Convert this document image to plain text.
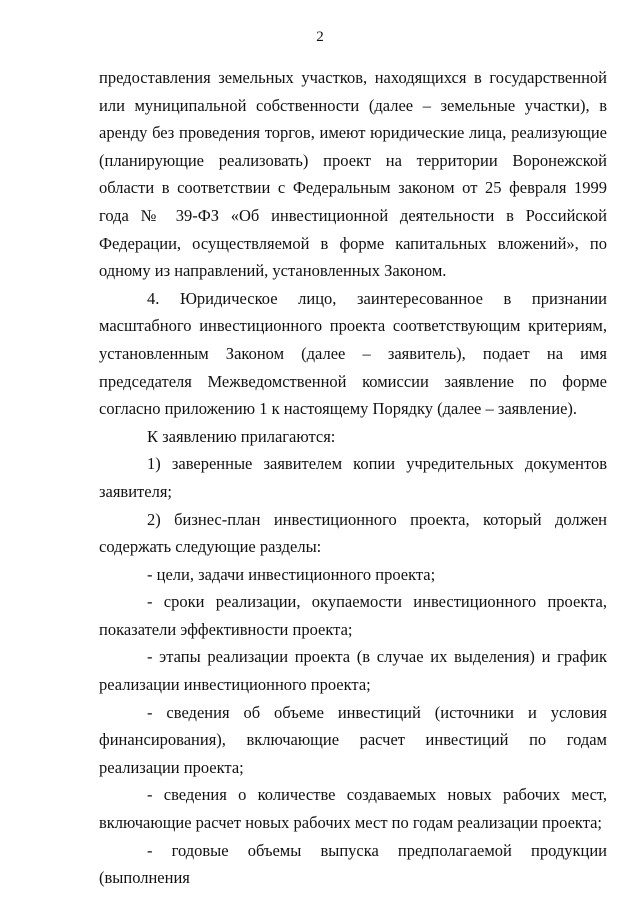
2

предоставления земельных участков, находящихся в государственной или муниципальной собственности (далее – земельные участки), в аренду без проведения торгов, имеют юридические лица, реализующие (планирующие реализовать) проект на территории Воронежской области в соответствии с Федеральным законом от 25 февраля 1999 года № 39-ФЗ «Об инвестиционной деятельности в Российской Федерации, осуществляемой в форме капитальных вложений», по одному из направлений, установленных Законом.

4. Юридическое лицо, заинтересованное в признании масштабного инвестиционного проекта соответствующим критериям, установленным Законом (далее – заявитель), подает на имя председателя Межведомственной комиссии заявление по форме согласно приложению 1 к настоящему Порядку (далее – заявление).

К заявлению прилагаются:

1) заверенные заявителем копии учредительных документов заявителя;

2) бизнес-план инвестиционного проекта, который должен содержать следующие разделы:

- цели, задачи инвестиционного проекта;

- сроки реализации, окупаемости инвестиционного проекта, показатели эффективности проекта;

- этапы реализации проекта (в случае их выделения) и график реализации инвестиционного проекта;

- сведения об объеме инвестиций (источники и условия финансирования), включающие расчет инвестиций по годам реализации проекта;

- сведения о количестве создаваемых новых рабочих мест, включающие расчет новых рабочих мест по годам реализации проекта;

- годовые объемы выпуска предполагаемой продукции (выполнения
